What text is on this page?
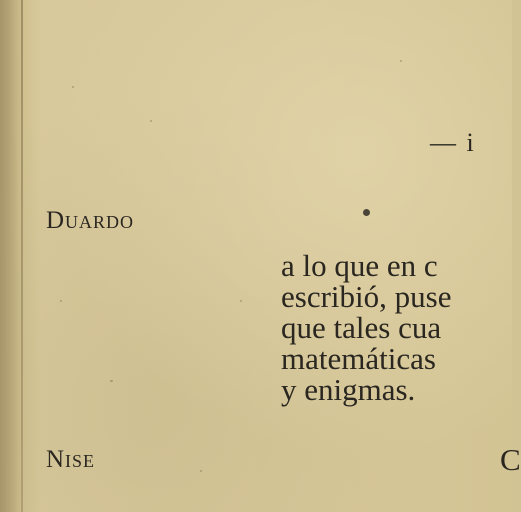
— i
Duardo
a lo que en c
escribió, puse
que tales cua
matemáticas
y enigmas.
Nise	C
